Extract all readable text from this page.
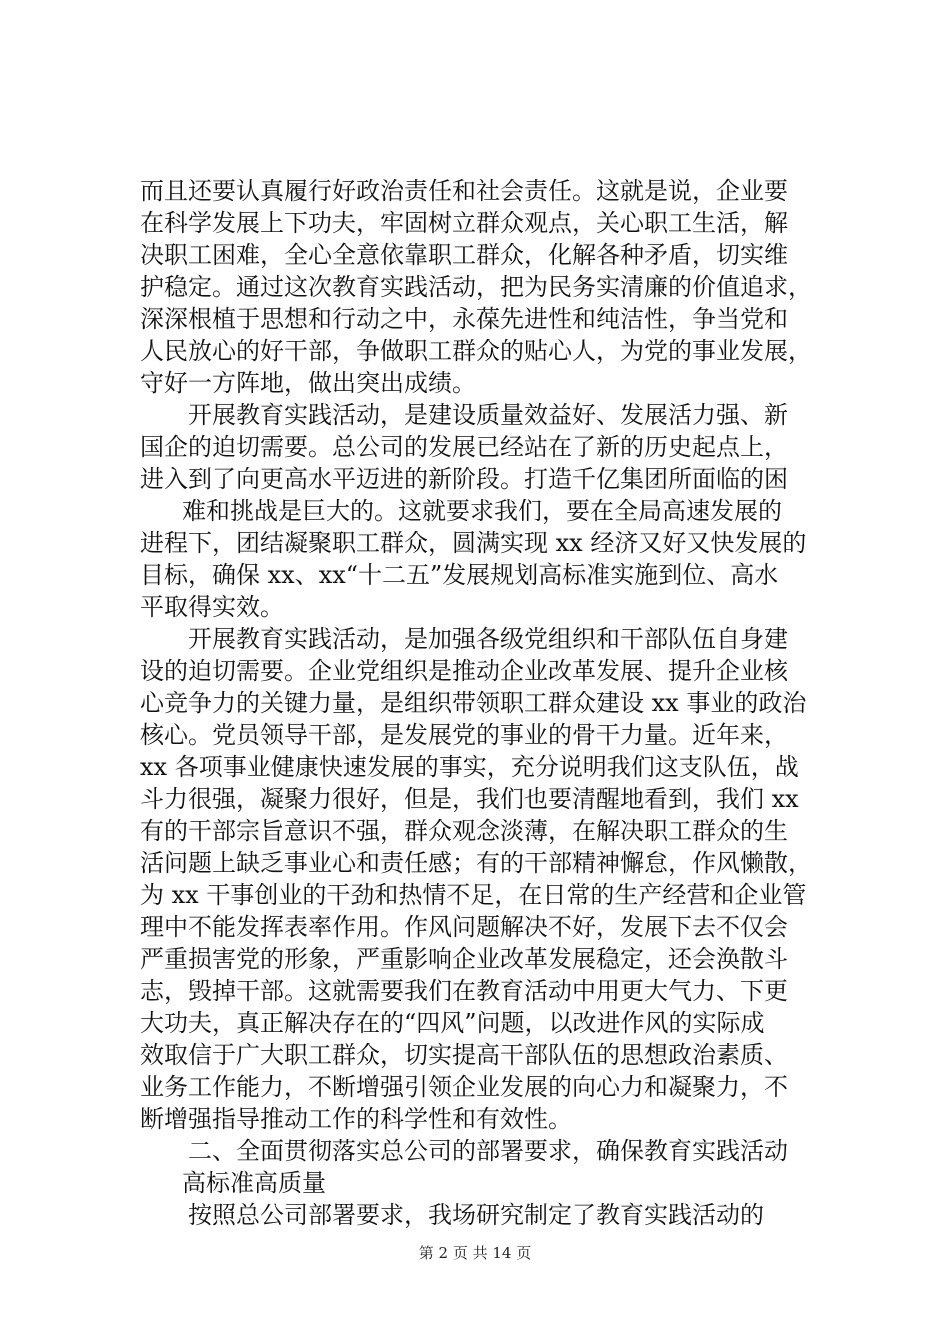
而且还要认真履行好政治责任和社会责任。这就是说，企业要
在科学发展上下功夫，牢固树立群众观点，关心职工生活，解
决职工困难，全心全意依靠职工群众，化解各种矛盾，切实维
护稳定。通过这次教育实践活动，把为民务实清廉的价值追求，
深深根植于思想和行动之中，永葆先进性和纯洁性，争当党和
人民放心的好干部，争做职工群众的贴心人，为党的事业发展，
守好一方阵地，做出突出成绩。
开展教育实践活动，是建设质量效益好、发展活力强、新
国企的迫切需要。总公司的发展已经站在了新的历史起点上，
进入到了向更高水平迈进的新阶段。打造千亿集团所面临的困
难和挑战是巨大的。这就要求我们，要在全局高速发展的
进程下，团结凝聚职工群众，圆满实现 xx 经济又好又快发展的
目标，确保 xx、xx“十二五”发展规划高标准实施到位、高水
平取得实效。
开展教育实践活动，是加强各级党组织和干部队伍自身建
设的迫切需要。企业党组织是推动企业改革发展、提升企业核
心竞争力的关键力量，是组织带领职工群众建设 xx 事业的政治
核心。党员领导干部，是发展党的事业的骨干力量。近年来，
xx 各项事业健康快速发展的事实，充分说明我们这支队伍，战
斗力很强，凝聚力很好，但是，我们也要清醒地看到，我们 xx
有的干部宗旨意识不强，群众观念淡薄，在解决职工群众的生
活问题上缺乏事业心和责任感；有的干部精神懈怠，作风懒散，
为 xx 干事创业的干劲和热情不足，在日常的生产经营和企业管
理中不能发挥表率作用。作风问题解决不好，发展下去不仅会
严重损害党的形象，严重影响企业改革发展稳定，还会涣散斗
志，毁掉干部。这就需要我们在教育活动中用更大气力、下更
大功夫，真正解决存在的“四风”问题，以改进作风的实际成
效取信于广大职工群众，切实提高干部队伍的思想政治素质、
业务工作能力，不断增强引领企业发展的向心力和凝聚力，不
断增强指导推动工作的科学性和有效性。
二、全面贯彻落实总公司的部署要求，确保教育实践活动
高标准高质量
按照总公司部署要求，我场研究制定了教育实践活动的
第 2 页 共 14 页
